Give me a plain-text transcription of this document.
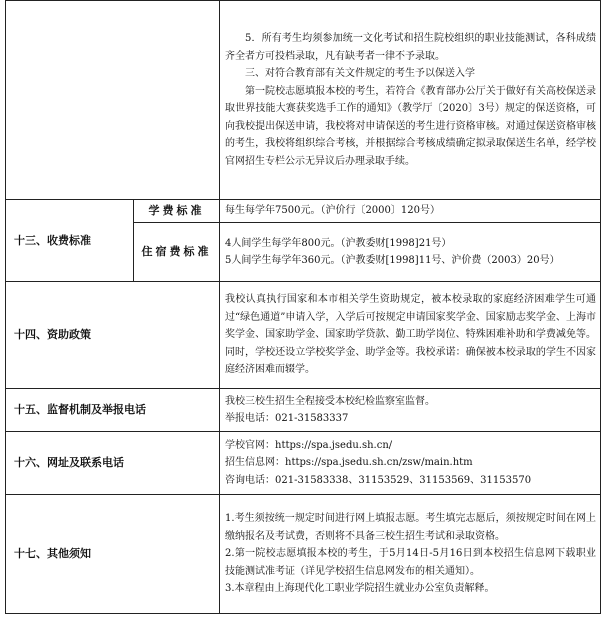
		5．所有考生均须参加统一文化考试和招生院校组织的职业技能测试，各科成绩齐全者方可投档录取，凡有缺考者一律不予录取。

三、对符合教育部有关文件规定的考生予以保送入学

第一院校志愿填报本校的考生，若符合《教育部办公厅关于做好有关高校保送录取世界技能大赛获奖选手工作的通知》（教学厅〔2020〕3号）规定的保送资格，可向我校提出保送申请，我校将对申请保送的考生进行资格审核。对通过保送资格审核的考生，我校将组织综合考核，并根据综合考核成绩确定拟录取保送生名单，经学校官网招生专栏公示无异议后办理录取手续。

十三、收费标准	学费标准	每生每学年7500元。（沪价行〔2000〕120号）
	住宿费标准	4人间学生每学年800元。（沪教委财[1998]21号）

5人间学生每学年360元。（沪教委财[1998]11号、沪价费（2003）20号）

十四、资助政策		我校认真执行国家和本市相关学生资助规定，被本校录取的家庭经济困难学生可通过“绿色通道”申请入学，入学后可按规定申请国家奖学金、国家励志奖学金、上海市奖学金、国家助学金、国家助学贷款、勤工助学岗位、特殊困难补助和学费减免等。同时，学校还设立学校奖学金、助学金等。我校承诺：确保被本校录取的学生不因家庭经济困难而辍学。

十五、监督机制及举报电话		我校三校生招生全程接受本校纪检监察室监督。

举报电话：021-31583337

十六、网址及联系电话		学校官网：https://spa.jsedu.sh.cn/

招生信息网：https://spa.jsedu.sh.cn/zsw/main.htm

咨询电话：021-31583338、31153529、31153569、31153570

十七、其他须知		1.考生须按统一规定时间进行网上填报志愿。考生填完志愿后，须按规定时间在网上缴纳报名及考试费，否则将不具备三校生招生考试和录取资格。

2.第一院校志愿填报本校的考生，于5月14日-5月16日到本校招生信息网下载职业技能测试准考证（详见学校招生信息网发布的相关通知）。

3.本章程由上海现代化工职业学院招生就业办公室负责解释。
